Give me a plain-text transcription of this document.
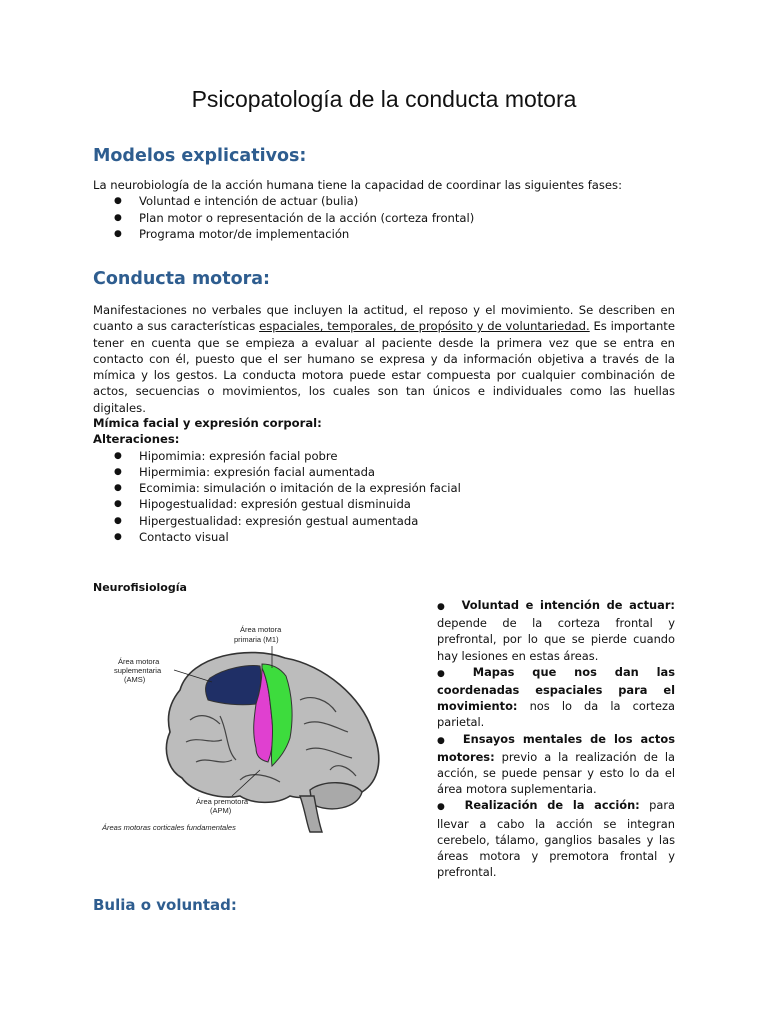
Psicopatología de la conducta motora
Modelos explicativos:
La neurobiología de la acción humana tiene la capacidad de coordinar las siguientes fases:
● Voluntad e intención de actuar (bulia)
● Plan motor o representación de la acción (corteza frontal)
● Programa motor/de implementación
Conducta motora:
Manifestaciones no verbales que incluyen la actitud, el reposo y el movimiento. Se describen en cuanto a sus características espaciales, temporales, de propósito y de voluntariedad. Es importante tener en cuenta que se empieza a evaluar al paciente desde la primera vez que se entra en contacto con él, puesto que el ser humano se expresa y da información objetiva a través de la mímica y los gestos. La conducta motora puede estar compuesta por cualquier combinación de actos, secuencias o movimientos, los cuales son tan únicos e individuales como las huellas digitales.
Mímica facial y expresión corporal:
Alteraciones:
● Hipomimia: expresión facial pobre
● Hipermimia: expresión facial aumentada
● Ecomimia: simulación o imitación de la expresión facial
● Hipogestualidad: expresión gestual disminuida
● Hipergestualidad: expresión gestual aumentada
● Contacto visual
Neurofisiología
Área motora
primaria (M1)
Área motora
suplementaria
(AMS)
Área premotora
(APM)
Áreas motoras corticales fundamentales

● Voluntad e intención de actuar: depende de la corteza frontal y prefrontal, por lo que se pierde cuando hay lesiones en estas áreas.

● Mapas que nos dan las coordenadas espaciales para el movimiento: nos lo da la corteza parietal.

● Ensayos mentales de los actos motores: previo a la realización de la acción, se puede pensar y esto lo da el área motora suplementaria.

● Realización de la acción: para llevar a cabo la acción se integran cerebelo, tálamo, ganglios basales y las áreas motora y premotora frontal y prefrontal.

Bulia o voluntad:
